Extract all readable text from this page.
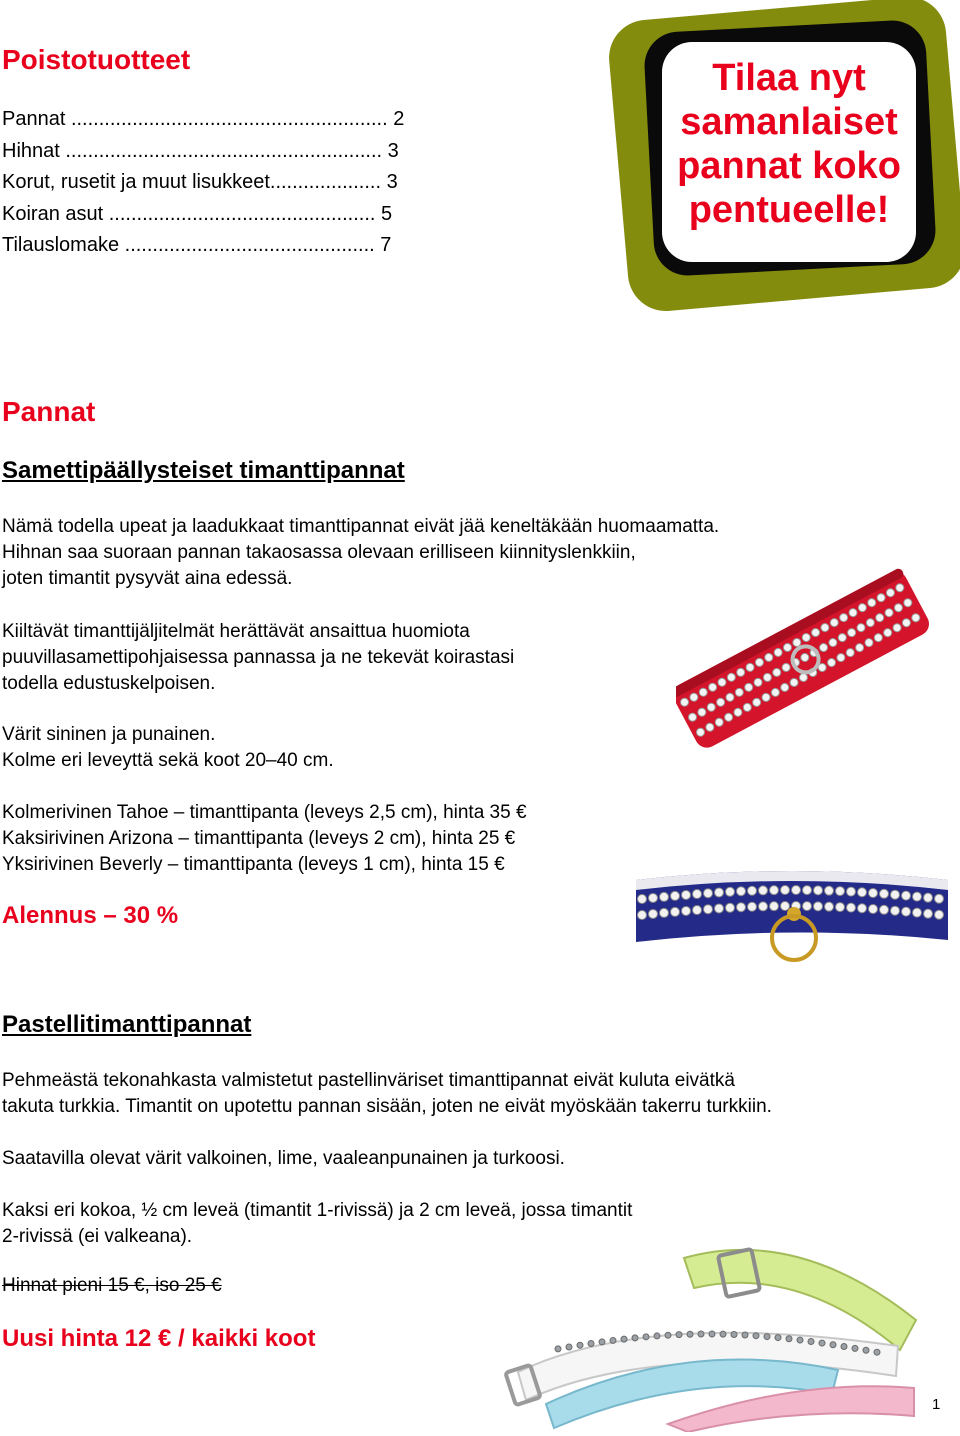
Poistotuotteet
Pannat ......................................................... 2
Hihnat ......................................................... 3
Korut, rusetit ja muut lisukkeet.................... 3
Koiran asut ................................................ 5
Tilauslomake ............................................. 7
Tilaa nyt
samanlaiset
pannat koko
pentueelle!
Pannat
Samettipäällysteiset timanttipannat

Nämä todella upeat ja laadukkaat timanttipannat eivät jää keneltäkään huomaamatta.
Hihnan saa suoraan pannan takaosassa olevaan erilliseen kiinnityslenkkiin,
joten timantit pysyvät aina edessä.

Kiiltävät timanttijäljitelmät herättävät ansaittua huomiota
puuvillasamettipohjaisessa pannassa ja ne tekevät koirastasi
todella edustuskelpoisen.

Värit sininen ja punainen.
Kolme eri leveyttä sekä koot 20–40 cm.

Kolmerivinen Tahoe – timanttipanta (leveys 2,5 cm), hinta 35 €
Kaksirivinen Arizona – timanttipanta (leveys 2 cm), hinta 25 €
Yksirivinen Beverly – timanttipanta (leveys 1 cm), hinta 15 €

Alennus – 30 %

Pastellitimanttipannat

Pehmeästä tekonahkasta valmistetut pastellinväriset timanttipannat eivät kuluta eivätkä
takuta turkkia. Timantit on upotettu pannan sisään, joten ne eivät myöskään takerru turkkiin.

Saatavilla olevat värit valkoinen, lime, vaaleanpunainen ja turkoosi.

Kaksi eri kokoa, ½ cm leveä (timantit 1-rivissä) ja 2 cm leveä, jossa timantit
2-rivissä (ei valkeana).

Hinnat pieni 15 €, iso 25 €

Uusi hinta 12 € / kaikki koot

1
